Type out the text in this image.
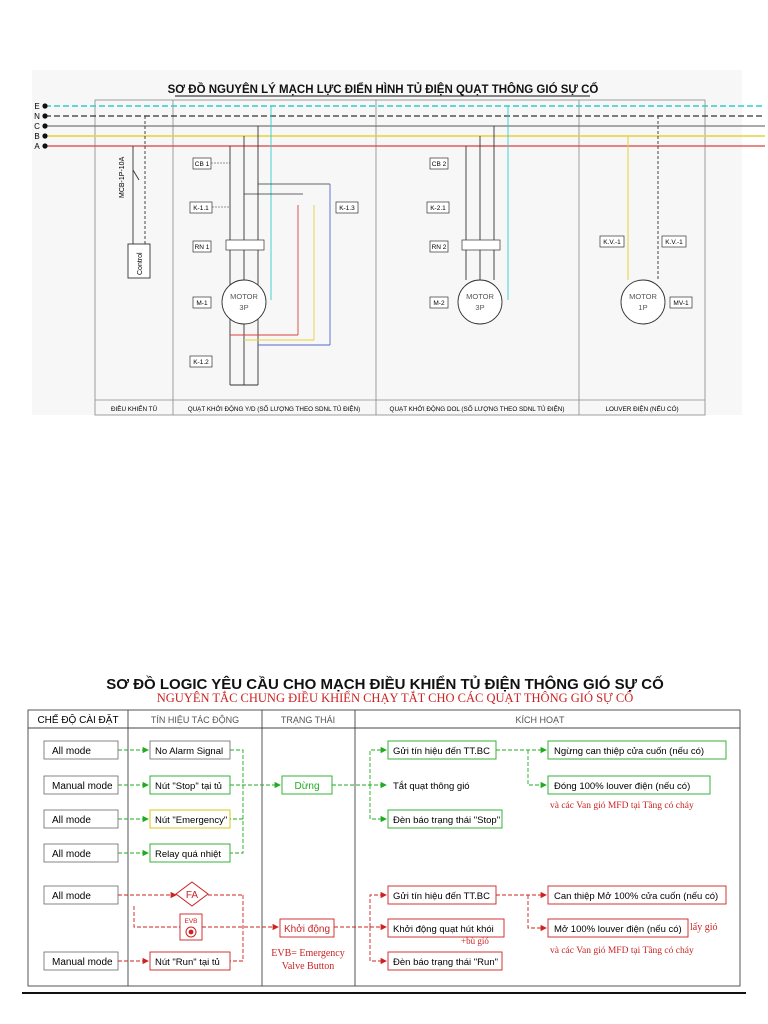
SƠ ĐỒ NGUYÊN LÝ MẠCH LỰC ĐIỂN HÌNH TỦ ĐIỆN QUẠT THÔNG GIÓ SỰ CỐ
E
N
C
B
A
MCB-1P-10A
Control
CB 1
K-1.1
RN 1
M-1
MOTOR
3P
K-1.3
K-1.2
CB 2
K-2.1
RN 2
M-2
MOTOR
3P
K.V.-1	K.V.-1
MOTOR
1P	MV-1
ĐIỀU KHIỂN TỦ	QUẠT KHỞI ĐỘNG Y/D (SỐ LƯỢNG THEO SDNL TỦ ĐIỆN)	QUẠT KHỞI ĐỘNG DOL (SỐ LƯỢNG THEO SDNL TỦ ĐIỆN)	LOUVER ĐIỆN (NẾU CÓ)
SƠ ĐỒ LOGIC YÊU CẦU CHO MẠCH ĐIỀU KHIỂN TỦ ĐIỆN THÔNG GIÓ SỰ CỐ
NGUYÊN TẮC CHUNG ĐIỀU KHIỂN CHẠY TẮT CHO CÁC QUẠT THÔNG GIÓ SỰ CỐ
CHẾ ĐỘ CÀI ĐẶT	TÍN HIỆU TÁC ĐỘNG	TRẠNG THÁI	KÍCH HOẠT
All mode
Manual mode
All mode
All mode
All mode
Manual mode
No Alarm Signal
Nút "Stop" tại tủ
Nút "Emergency"
Relay quá nhiệt
Nút "Run" tại tủ
FA
EVB
Dừng
Khởi động
EVB= Emergency
Valve Button
Gửi tín hiệu đến TT.BC
Tắt quạt thông gió
Đèn báo trạng thái "Stop"
Ngừng can thiệp cửa cuốn (nếu có)
Đóng 100% louver điện (nếu có)
và các Van gió MFD tại Tầng có cháy
Gửi tín hiệu đến TT.BC
Khởi động quạt hút khói
+bù gió
Đèn báo trạng thái "Run"
Can thiệp Mở 100% cửa cuốn (nếu có)
Mở 100% louver điện (nếu có) lấy gió
và các Van gió MFD tại Tầng có cháy
